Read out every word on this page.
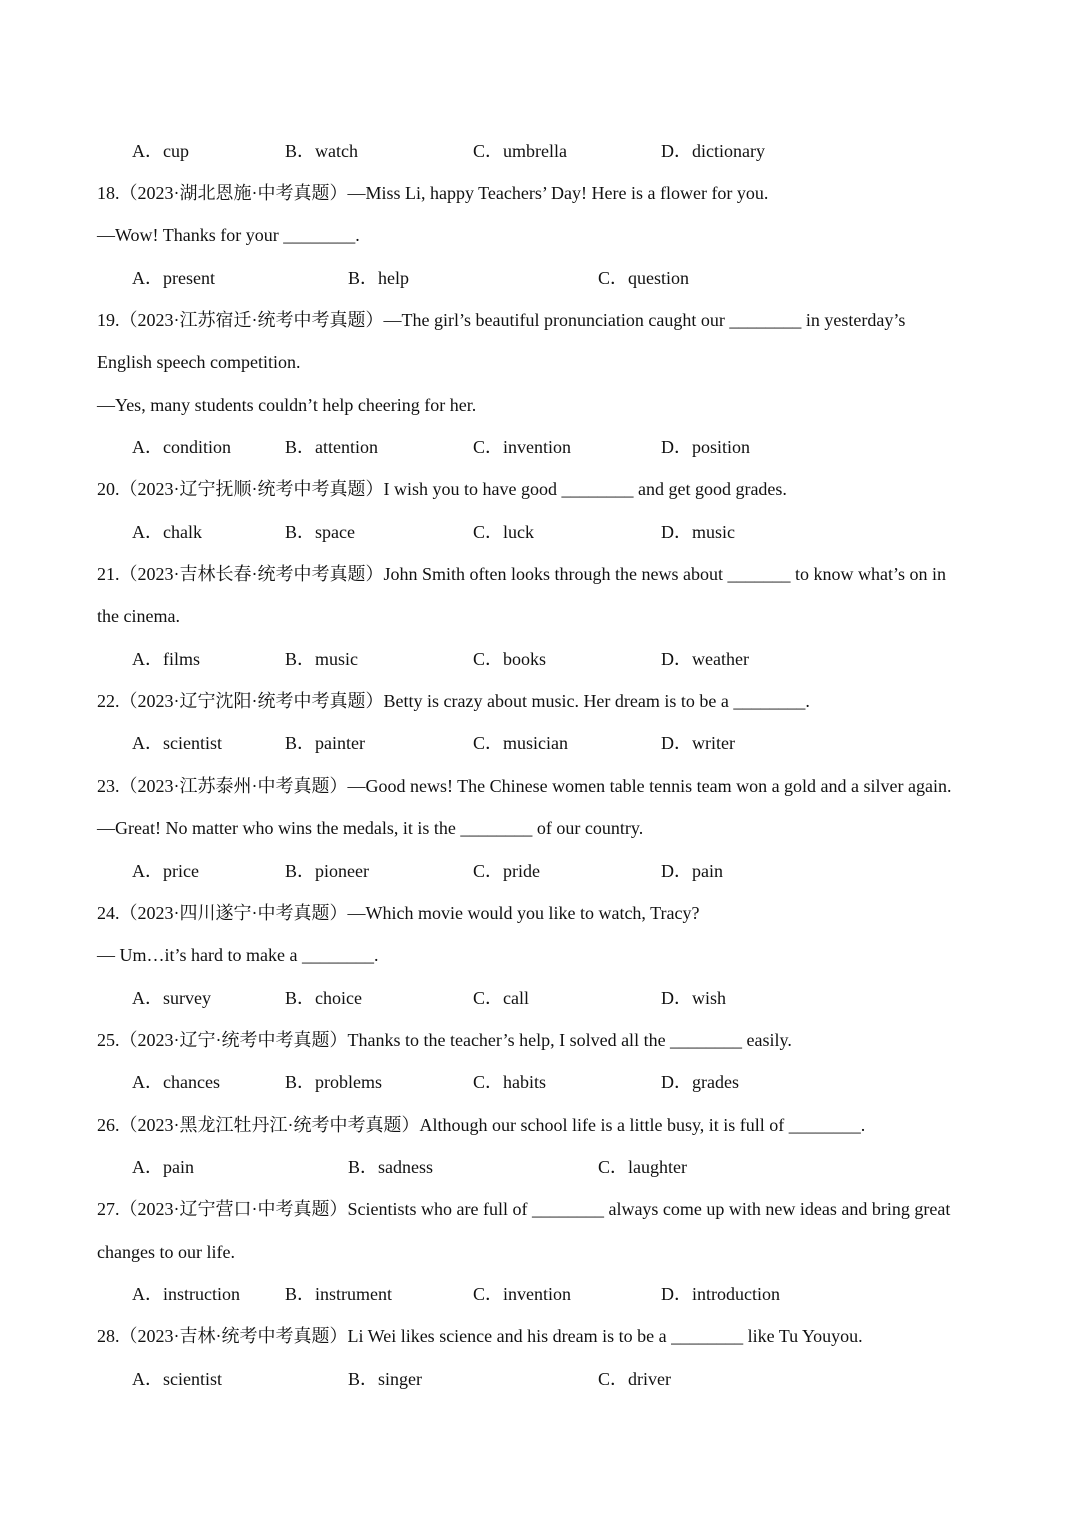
A．cup	B．watch	C．umbrella	D．dictionary
18.（2023·湖北恩施·中考真题）—Miss Li, happy Teachers’ Day! Here is a flower for you.
—Wow! Thanks for your ________.
A．present	B．help	C．question
19.（2023·江苏宿迁·统考中考真题）—The girl’s beautiful pronunciation caught our ________ in yesterday’s
English speech competition.
—Yes, many students couldn’t help cheering for her.
A．condition	B．attention	C．invention	D．position
20.（2023·辽宁抚顺·统考中考真题）I wish you to have good ________ and get good grades.
A．chalk	B．space	C．luck	D．music
21.（2023·吉林长春·统考中考真题）John Smith often looks through the news about _______ to know what’s on in
the cinema.
A．films	B．music	C．books	D．weather
22.（2023·辽宁沈阳·统考中考真题）Betty is crazy about music. Her dream is to be a ________.
A．scientist	B．painter	C．musician	D．writer
23.（2023·江苏泰州·中考真题）—Good news! The Chinese women table tennis team won a gold and a silver again.
—Great! No matter who wins the medals, it is the ________ of our country.
A．price	B．pioneer	C．pride	D．pain
24.（2023·四川遂宁·中考真题）—Which movie would you like to watch, Tracy?
— Um…it’s hard to make a ________.
A．survey	B．choice	C．call	D．wish
25.（2023·辽宁·统考中考真题）Thanks to the teacher’s help, I solved all the ________ easily.
A．chances	B．problems	C．habits	D．grades
26.（2023·黑龙江牡丹江·统考中考真题）Although our school life is a little busy, it is full of ________.
A．pain	B．sadness	C．laughter
27.（2023·辽宁营口·中考真题）Scientists who are full of ________ always come up with new ideas and bring great
changes to our life.
A．instruction	B．instrument	C．invention	D．introduction
28.（2023·吉林·统考中考真题）Li Wei likes science and his dream is to be a ________ like Tu Youyou.
A．scientist	B．singer	C．driver
